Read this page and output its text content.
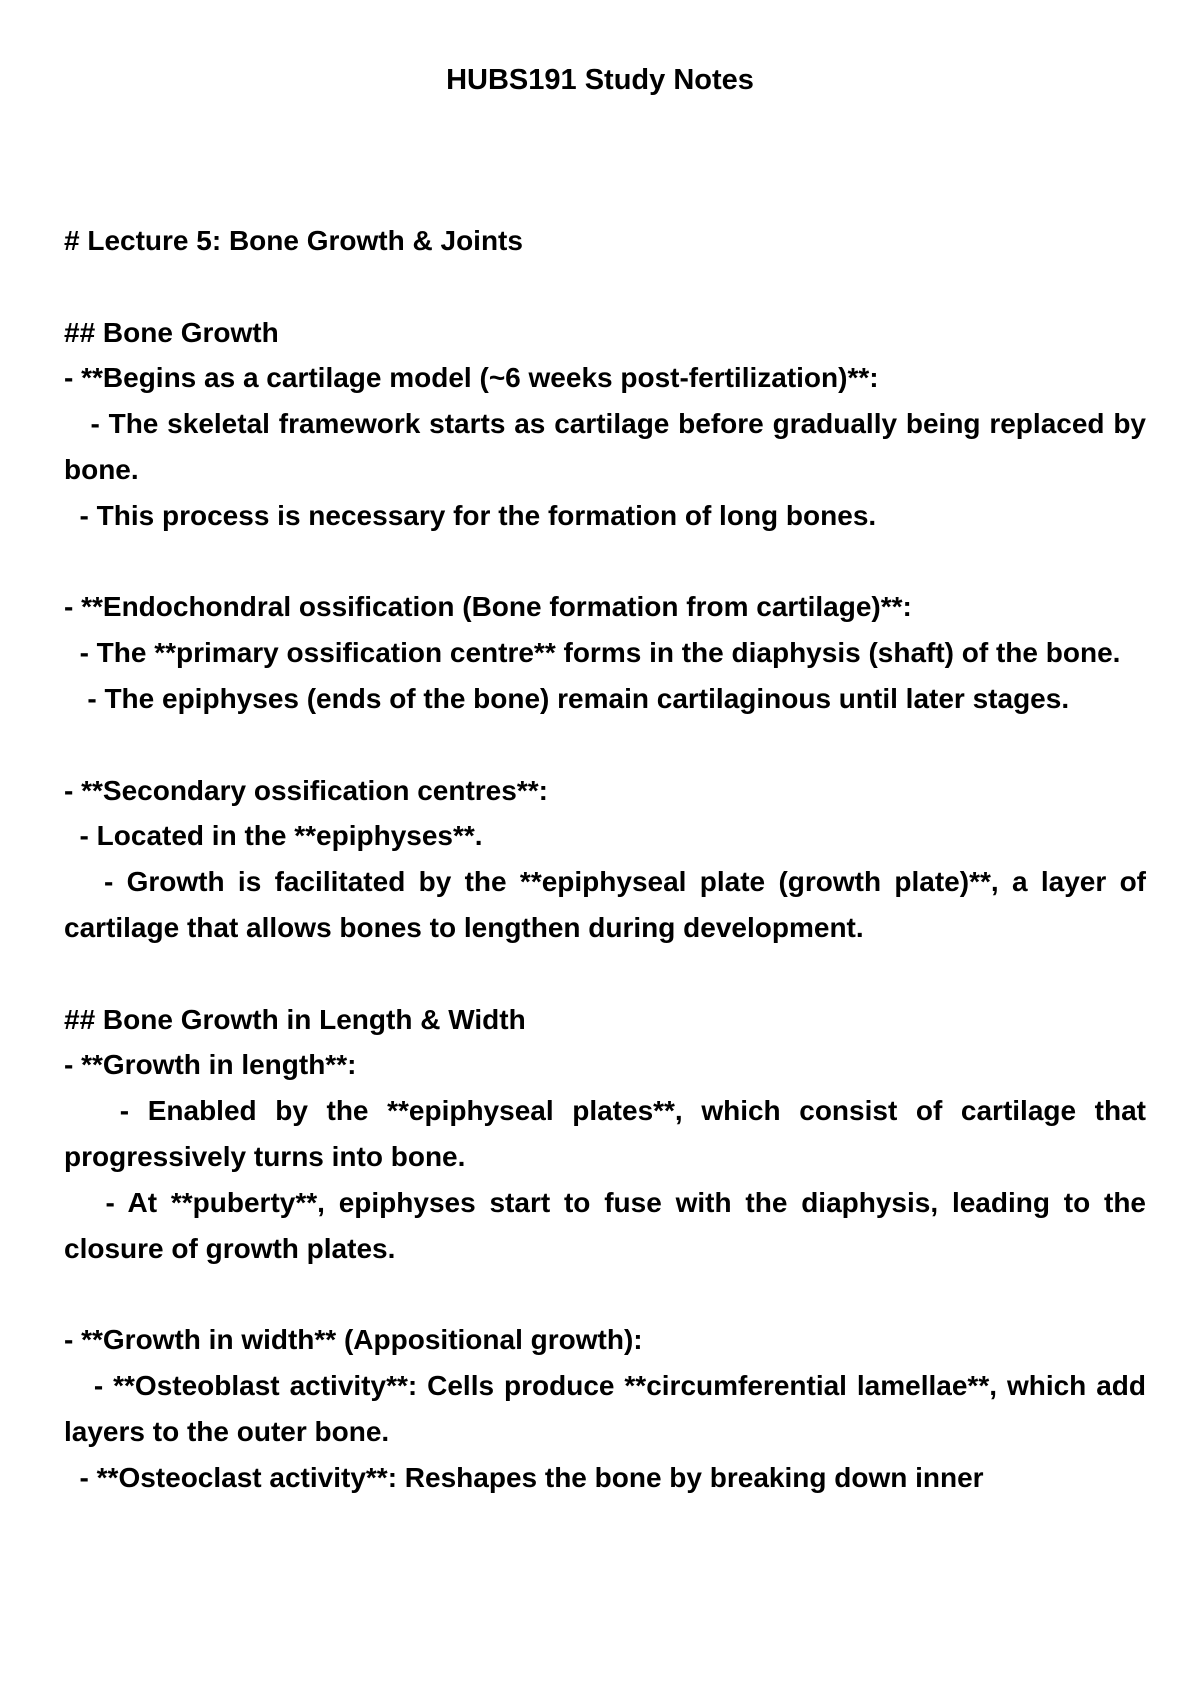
HUBS191 Study Notes

# Lecture 5: Bone Growth & Joints

## Bone Growth

- **Begins as a cartilage model (~6 weeks post-fertilization)**:

- The skeletal framework starts as cartilage before gradually being replaced by bone.

- This process is necessary for the formation of long bones.

- **Endochondral ossification (Bone formation from cartilage)**:

- The **primary ossification centre** forms in the diaphysis (shaft) of the bone.

- The epiphyses (ends of the bone) remain cartilaginous until later stages.

- **Secondary ossification centres**:

- Located in the **epiphyses**.

- Growth is facilitated by the **epiphyseal plate (growth plate)**, a layer of cartilage that allows bones to lengthen during development.

## Bone Growth in Length & Width

- **Growth in length**:

- Enabled by the **epiphyseal plates**, which consist of cartilage that progressively turns into bone.

- At **puberty**, epiphyses start to fuse with the diaphysis, leading to the closure of growth plates.

- **Growth in width** (Appositional growth):

- **Osteoblast activity**: Cells produce **circumferential lamellae**, which add layers to the outer bone.

- **Osteoclast activity**: Reshapes the bone by breaking down inner
